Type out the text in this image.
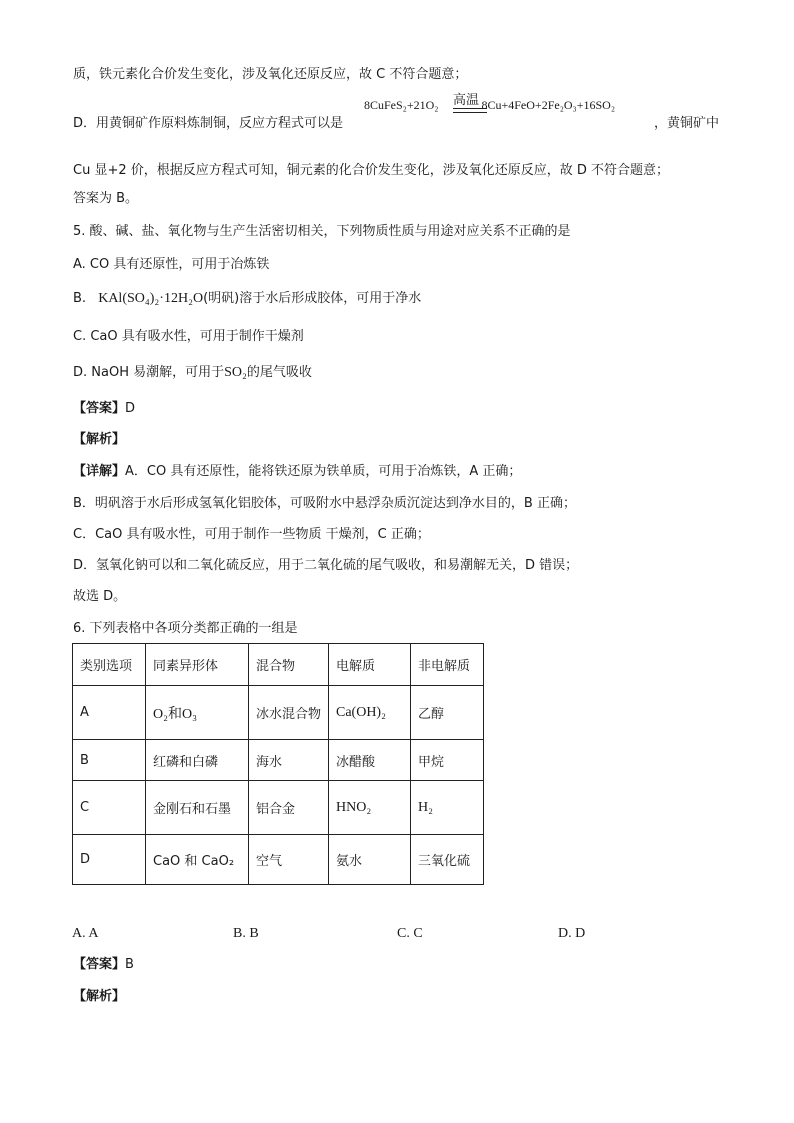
质，铁元素化合价发生变化，涉及氧化还原反应，故 C 不符合题意；
D．用黄铜矿作原料炼制铜，反应方程式可以是
8CuFeS₂+21O₂ 高温 8Cu+4FeO+2Fe₂O₃+16SO₂
，黄铜矿中
Cu 显+2 价，根据反应方程式可知，铜元素的化合价发生变化，涉及氧化还原反应，故 D 不符合题意；
答案为 B。
5. 酸、碱、盐、氧化物与生产生活密切相关，下列物质性质与用途对应关系不正确的是
A. CO 具有还原性，可用于冶炼铁
B. KAl(SO₄)₂·12H₂O(明矾)溶于水后形成胶体，可用于净水
C. CaO 具有吸水性，可用于制作干燥剂
D. NaOH 易潮解，可用于SO₂的尾气吸收
【答案】D
【解析】
【详解】A．CO 具有还原性，能将铁还原为铁单质，可用于冶炼铁，A 正确；
B．明矾溶于水后形成氢氧化铝胶体，可吸附水中悬浮杂质沉淀达到净水目的，B 正确；
C．CaO 具有吸水性，可用于制作一些物质 干燥剂，C 正确；
D．氢氧化钠可以和二氧化硫反应，用于二氧化硫的尾气吸收，和易潮解无关，D 错误；
故选 D。
6. 下列表格中各项分类都正确的一组是
类别选项	同素异形体	混合物	电解质	非电解质
A	O₂和O₃	冰水混合物	Ca(OH)₂	乙醇
B	红磷和白磷	海水	冰醋酸	甲烷
C	金刚石和石墨	铝合金	HNO₂	H₂
D	CaO 和 CaO₂	空气	氨水	三氧化硫
A. A	B. B	C. C	D. D
【答案】B
【解析】
